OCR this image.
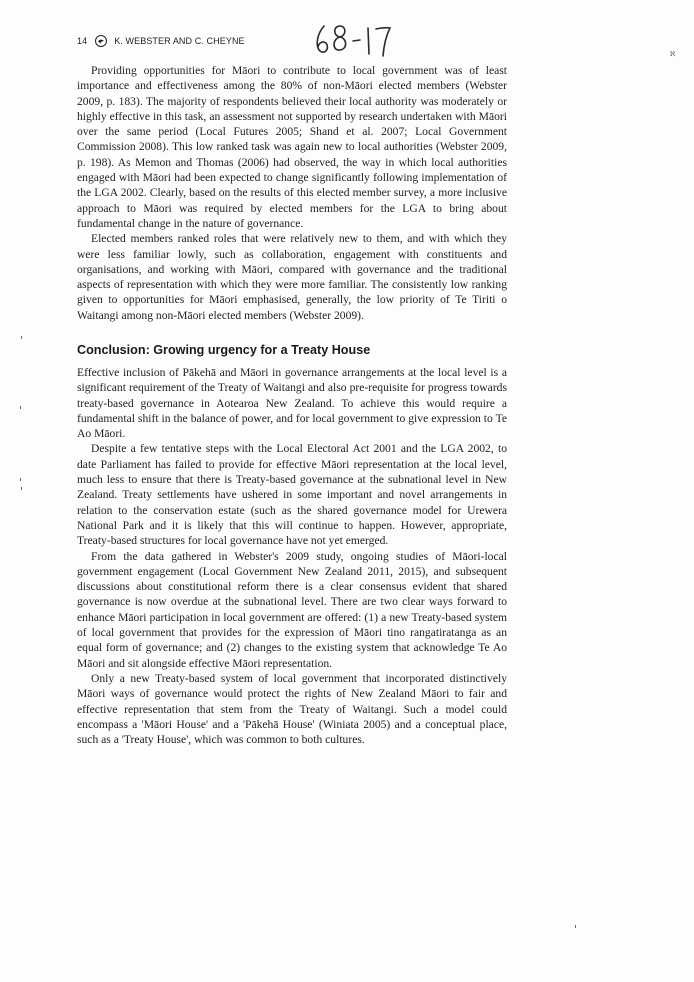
14	K. WEBSTER AND C. CHEYNE
68-17
ℵ

Providing opportunities for Māori to contribute to local government was of least importance and effectiveness among the 80% of non-Māori elected members (Webster 2009, p. 183). The majority of respondents believed their local authority was moderately or highly effective in this task, an assessment not supported by research undertaken with Māori over the same period (Local Futures 2005; Shand et al. 2007; Local Government Commission 2008). This low ranked task was again new to local authorities (Webster 2009, p. 198). As Memon and Thomas (2006) had observed, the way in which local authorities engaged with Māori had been expected to change significantly following implementation of the LGA 2002. Clearly, based on the results of this elected member survey, a more inclusive approach to Māori was required by elected members for the LGA to bring about fundamental change in the nature of governance.

Elected members ranked roles that were relatively new to them, and with which they were less familiar lowly, such as collaboration, engagement with constituents and organisations, and working with Māori, compared with governance and the traditional aspects of representation with which they were more familiar. The consistently low ranking given to opportunities for Māori emphasised, generally, the low priority of Te Tiriti o Waitangi among non-Māori elected members (Webster 2009).

Conclusion: Growing urgency for a Treaty House

Effective inclusion of Pākehā and Māori in governance arrangements at the local level is a significant requirement of the Treaty of Waitangi and also pre-requisite for progress towards treaty-based governance in Aotearoa New Zealand. To achieve this would require a fundamental shift in the balance of power, and for local government to give expression to Te Ao Māori.

Despite a few tentative steps with the Local Electoral Act 2001 and the LGA 2002, to date Parliament has failed to provide for effective Māori representation at the local level, much less to ensure that there is Treaty-based governance at the subnational level in New Zealand. Treaty settlements have ushered in some important and novel arrangements in relation to the conservation estate (such as the shared governance model for Urewera National Park and it is likely that this will continue to happen. However, appropriate, Treaty-based structures for local governance have not yet emerged.

From the data gathered in Webster's 2009 study, ongoing studies of Māori-local government engagement (Local Government New Zealand 2011, 2015), and subsequent discussions about constitutional reform there is a clear consensus evident that shared governance is now overdue at the subnational level. There are two clear ways forward to enhance Māori participation in local government are offered: (1) a new Treaty-based system of local government that provides for the expression of Māori tino rangatiratanga as an equal form of governance; and (2) changes to the existing system that acknowledge Te Ao Māori and sit alongside effective Māori representation.

Only a new Treaty-based system of local government that incorporated distinctively Māori ways of governance would protect the rights of New Zealand Māori to fair and effective representation that stem from the Treaty of Waitangi. Such a model could encompass a 'Māori House' and a 'Pākehā House' (Winiata 2005) and a conceptual place, such as a 'Treaty House', which was common to both cultures.
